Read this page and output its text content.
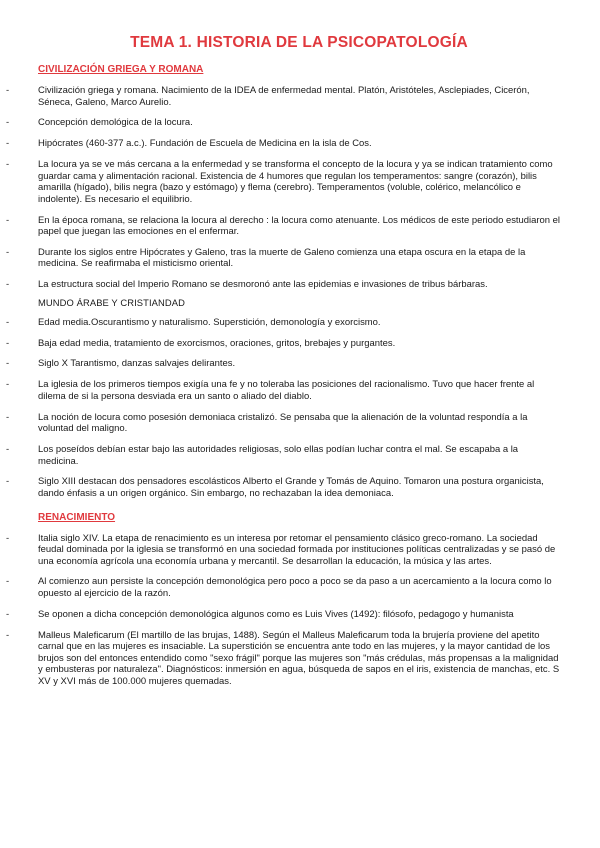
TEMA 1. HISTORIA DE LA PSICOPATOLOGÍA
CIVILIZACIÓN GRIEGA Y ROMANA
-	Civilización griega y romana. Nacimiento de la IDEA de enfermedad mental. Platón, Aristóteles, Asclepiades, Cicerón, Séneca, Galeno, Marco Aurelio.
-	Concepción demológica de la locura.
-	Hipócrates (460-377 a.c.). Fundación de Escuela de Medicina en la isla de Cos.
-	La locura ya se ve más cercana a la enfermedad y se transforma el concepto de la locura y ya se indican tratamiento como guardar cama y alimentación racional. Existencia de 4 humores que regulan los temperamentos: sangre (corazón), bilis amarilla (hígado), bilis negra (bazo y estómago) y flema (cerebro). Temperamentos (voluble, colérico, melancólico e indolente). Es necesario el equilibrio.
-	En la época romana, se relaciona la locura al derecho : la locura como atenuante. Los médicos de este periodo estudiaron el papel que juegan las emociones en el enfermar.
-	Durante los siglos entre Hipócrates y Galeno, tras la muerte de Galeno comienza una etapa oscura en la etapa de la medicina. Se reafirmaba el misticismo oriental.
-	La estructura social del Imperio Romano se desmoronó ante las epidemias e invasiones de tribus bárbaras.
MUNDO ÁRABE Y CRISTIANDAD
-	Edad media.Oscurantismo y naturalismo. Superstición, demonología y exorcismo.
-	Baja edad media, tratamiento de exorcismos, oraciones, gritos, brebajes y purgantes.
-	Siglo X Tarantismo, danzas salvajes delirantes.
-	La iglesia de los primeros tiempos exigía una fe y no toleraba las posiciones del racionalismo. Tuvo que hacer frente al dilema de si la persona desviada era un santo o aliado del diablo.
-	La noción de locura como posesión demoniaca cristalizó. Se pensaba que la alienación de la voluntad respondía a la voluntad del maligno.
-	Los poseídos debían estar bajo las autoridades religiosas, solo ellas podían luchar contra el mal. Se escapaba a la medicina.
-	Siglo XIII destacan dos pensadores escolásticos Alberto el Grande y Tomás de Aquino. Tomaron una postura organicista, dando énfasis a un origen orgánico. Sin embargo, no rechazaban la idea demoniaca.
RENACIMIENTO
-	Italia siglo XIV. La etapa de renacimiento es un interesa por retomar el pensamiento clásico greco-romano. La sociedad feudal dominada por la iglesia se transformó en una sociedad formada por instituciones políticas centralizadas y se pasó de una economía agrícola una economía urbana y mercantil. Se desarrollan la educación, la música y las artes.
-	Al comienzo aun persiste la concepción demonológica pero poco a poco se da paso a un acercamiento a la locura como lo opuesto al ejercicio de la razón.
-	Se oponen a dicha concepción demonológica algunos como es Luis Vives (1492): filósofo, pedagogo y humanista
-	Malleus Maleficarum (El martillo de las brujas, 1488). Según el Malleus Maleficarum toda la brujería proviene del apetito carnal que en las mujeres es insaciable. La superstición se encuentra ante todo en las mujeres, y la mayor cantidad de los brujos son del entonces entendido como "sexo frágil" porque las mujeres son "más crédulas, más propensas a la malignidad y embusteras por naturaleza". Diagnósticos: inmersión en agua, búsqueda de sapos en el iris, existencia de manchas, etc. S XV y XVI más de 100.000 mujeres quemadas.
